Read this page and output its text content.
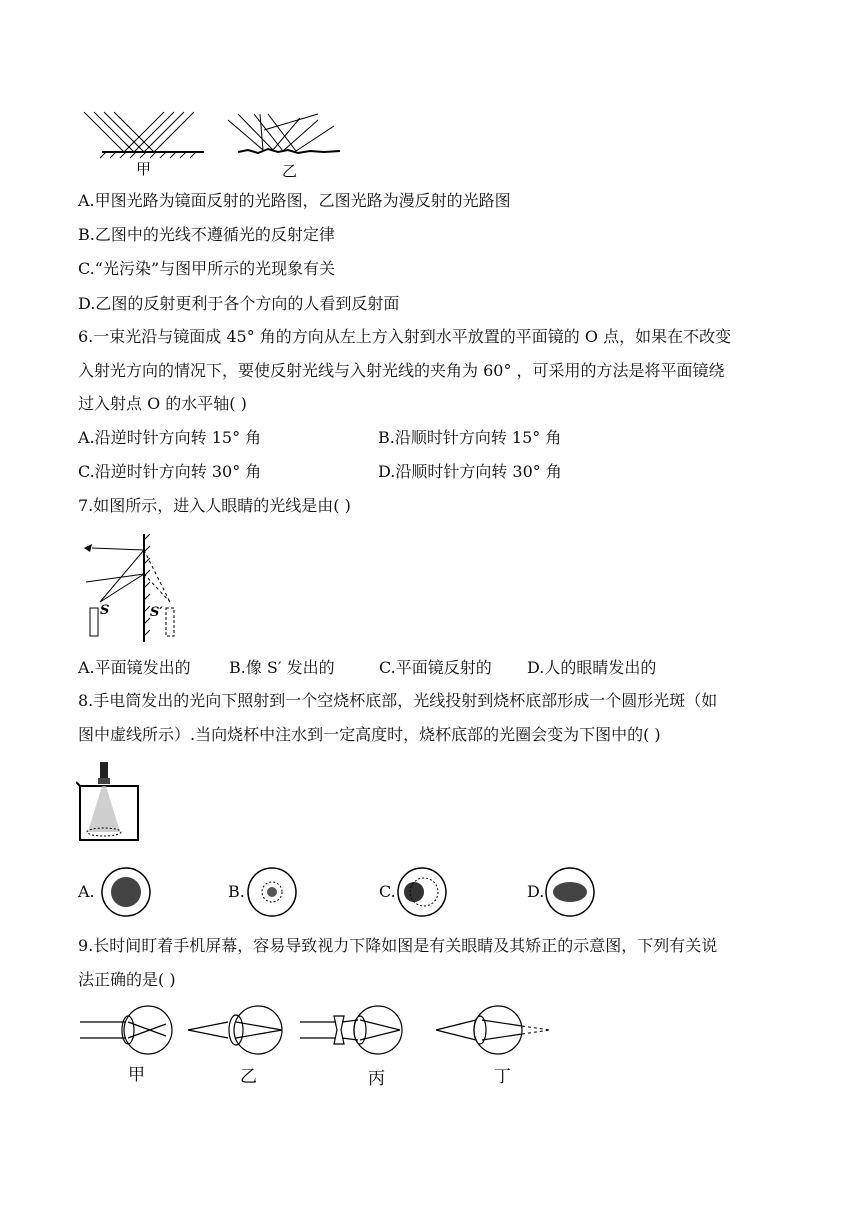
甲	乙
A.甲图光路为镜面反射的光路图，乙图光路为漫反射的光路图
B.乙图中的光线不遵循光的反射定律
C.“光污染”与图甲所示的光现象有关
D.乙图的反射更利于各个方向的人看到反射面
6.一束光沿与镜面成 45° 角的方向从左上方入射到水平放置的平面镜的 O 点，如果在不改变
入射光方向的情况下，要使反射光线与入射光线的夹角为 60° ，可采用的方法是将平面镜绕
过入射点 O 的水平轴( )
A.沿逆时针方向转 15° 角	B.沿顺时针方向转 15° 角
C.沿逆时针方向转 30° 角	D.沿顺时针方向转 30° 角
7.如图所示，进入人眼睛的光线是由( )
S	S′
A.平面镜发出的 B.像 S′ 发出的	C.平面镜反射的 D.人的眼睛发出的
8.手电筒发出的光向下照射到一个空烧杯底部，光线投射到烧杯底部形成一个圆形光斑（如
图中虚线所示）.当向烧杯中注水到一定高度时，烧杯底部的光圈会变为下图中的( )
A.	B.	C.	D.
9.长时间盯着手机屏幕，容易导致视力下降如图是有关眼睛及其矫正的示意图，下列有关说
法正确的是( )
甲	乙	丙	丁
